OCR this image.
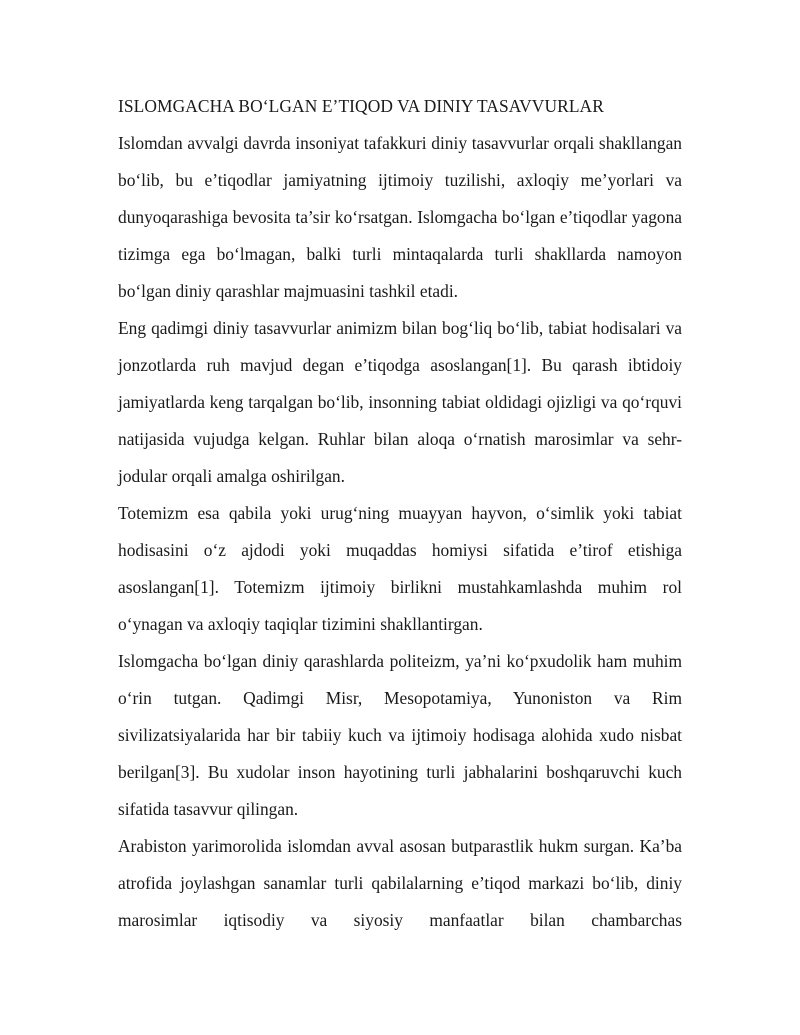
ISLOMGACHA BO‘LGAN E’TIQOD VA DINIY TASAVVURLAR

Islomdan avvalgi davrda insoniyat tafakkuri diniy tasavvurlar orqali shakllangan bo‘lib, bu e’tiqodlar jamiyatning ijtimoiy tuzilishi, axloqiy me’yorlari va dunyoqarashiga bevosita ta’sir ko‘rsatgan. Islomgacha bo‘lgan e’tiqodlar yagona tizimga ega bo‘lmagan, balki turli mintaqalarda turli shakllarda namoyon bo‘lgan diniy qarashlar majmuasini tashkil etadi.

Eng qadimgi diniy tasavvurlar animizm bilan bog‘liq bo‘lib, tabiat hodisalari va jonzotlarda ruh mavjud degan e’tiqodga asoslangan[1]. Bu qarash ibtidoiy jamiyatlarda keng tarqalgan bo‘lib, insonning tabiat oldidagi ojizligi va qo‘rquvi natijasida vujudga kelgan. Ruhlar bilan aloqa o‘rnatish marosimlar va sehr-jodular orqali amalga oshirilgan.

Totemizm esa qabila yoki urug‘ning muayyan hayvon, o‘simlik yoki tabiat hodisasini o‘z ajdodi yoki muqaddas homiysi sifatida e’tirof etishiga asoslangan[1]. Totemizm ijtimoiy birlikni mustahkamlashda muhim rol o‘ynagan va axloqiy taqiqlar tizimini shakllantirgan.

Islomgacha bo‘lgan diniy qarashlarda politeizm, ya’ni ko‘pxudolik ham muhim o‘rin tutgan. Qadimgi Misr, Mesopotamiya, Yunoniston va Rim sivilizatsiyalarida har bir tabiiy kuch va ijtimoiy hodisaga alohida xudo nisbat berilgan[3]. Bu xudolar inson hayotining turli jabhalarini boshqaruvchi kuch sifatida tasavvur qilingan.

Arabiston yarimorolida islomdan avval asosan butparastlik hukm surgan. Ka’ba atrofida joylashgan sanamlar turli qabilalarning e’tiqod markazi bo‘lib, diniy marosimlar iqtisodiy va siyosiy manfaatlar bilan chambarchas
